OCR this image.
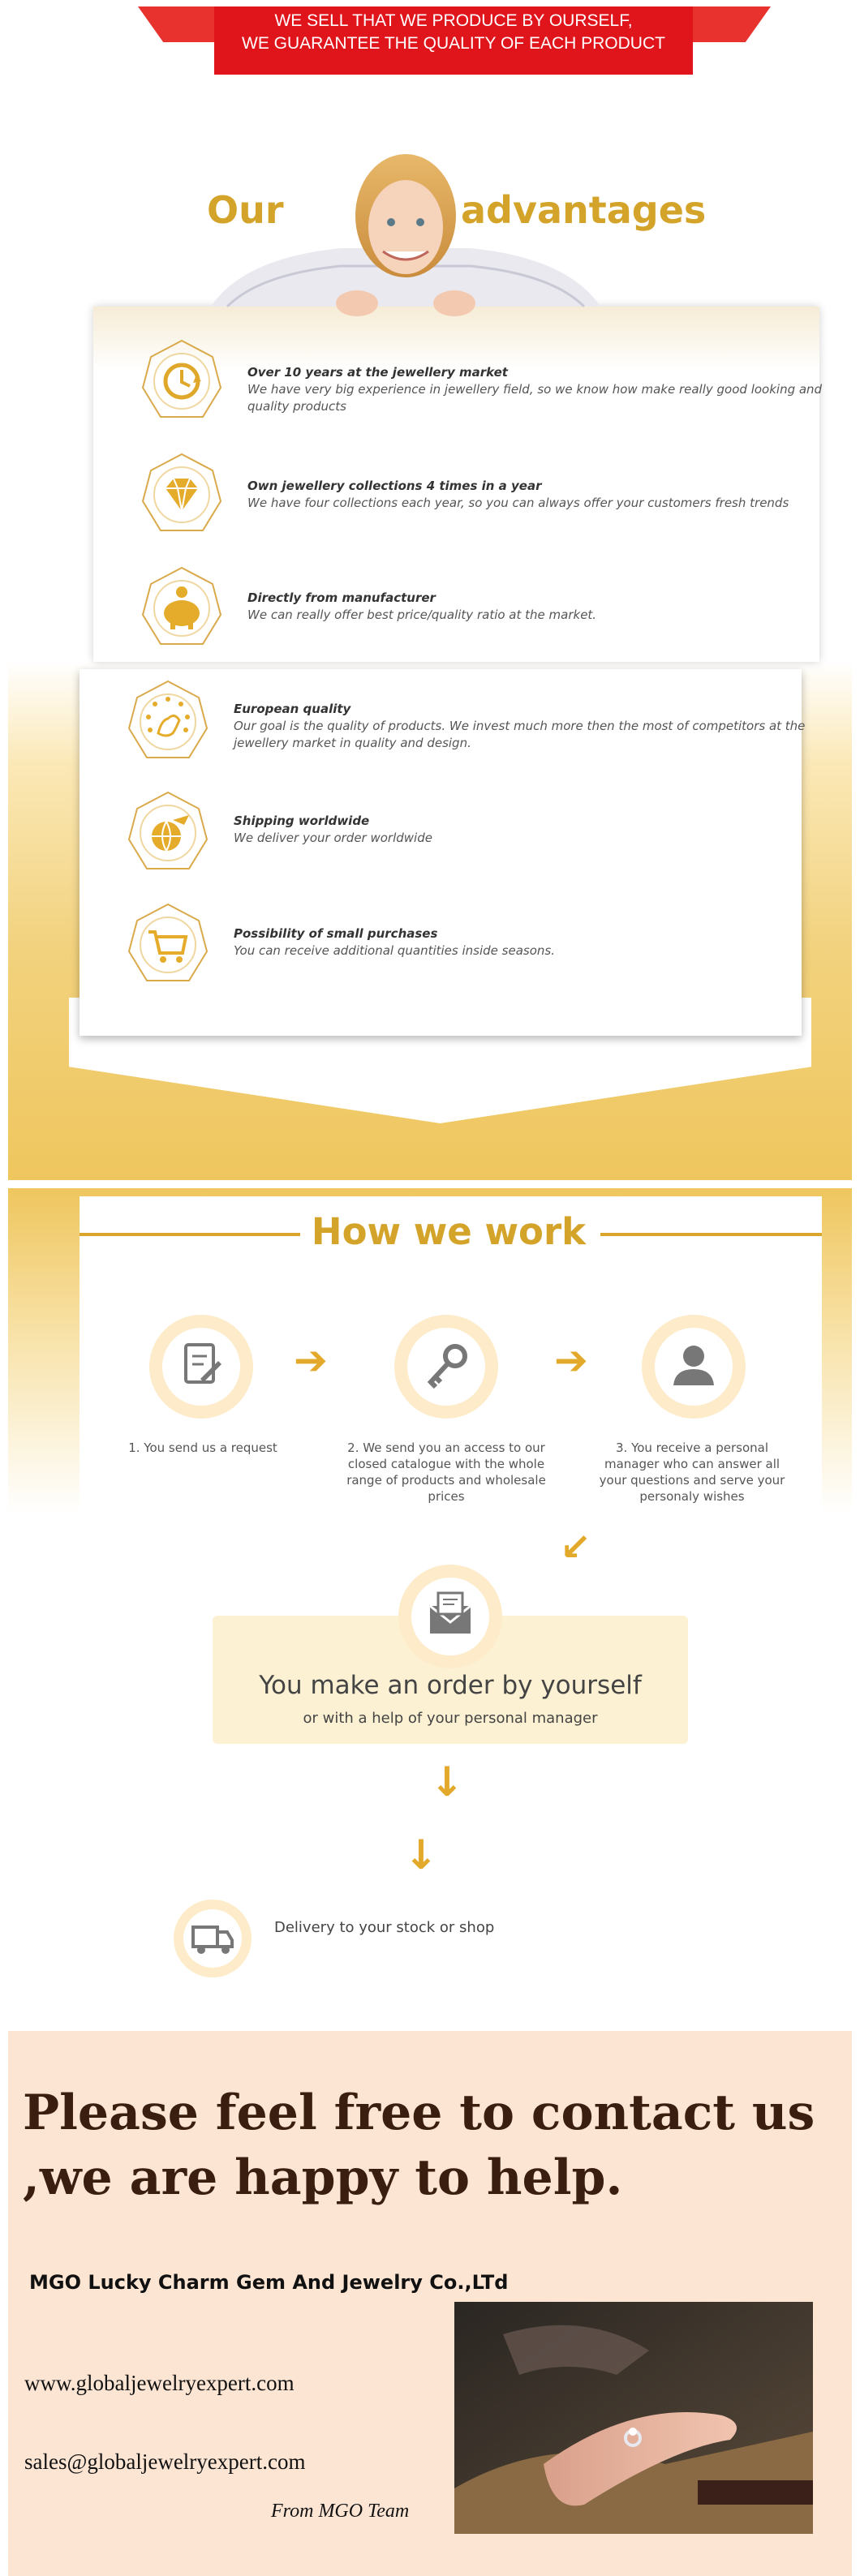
WE SELL THAT WE PRODUCE BY OURSELF,
WE GUARANTEE THE QUALITY OF EACH PRODUCT
Our	advantages

Over 10 years at the jewellery market

We have very big experience in jewellery field, so we know how make really good looking and quality products

Own jewellery collections 4 times in a year

We have four collections each year, so you can always offer your customers fresh trends

Directly from manufacturer

We can really offer best price/quality ratio at the market.

European quality

Our goal is the quality of products. We invest much more then the most of competitors at the jewellery market in quality and design.

Shipping worldwide

We deliver your order worldwide

Possibility of small purchases

You can receive additional quantities inside seasons.

How we work
➔	➔
1. You send us a request	2. We send you an access to our closed catalogue with the whole range of products and wholesale prices
3. You receive a personal manager who can answer all your questions and serve your personaly wishes
↙
You make an order by yourself
or with a help of your personal manager
↓
↓
Delivery to your stock or shop
Please feel free to contact us ,we are happy to help.
MGO Lucky Charm Gem And Jewelry Co.,LTd
www.globaljewelryexpert.com
sales@globaljewelryexpert.com
From MGO Team
